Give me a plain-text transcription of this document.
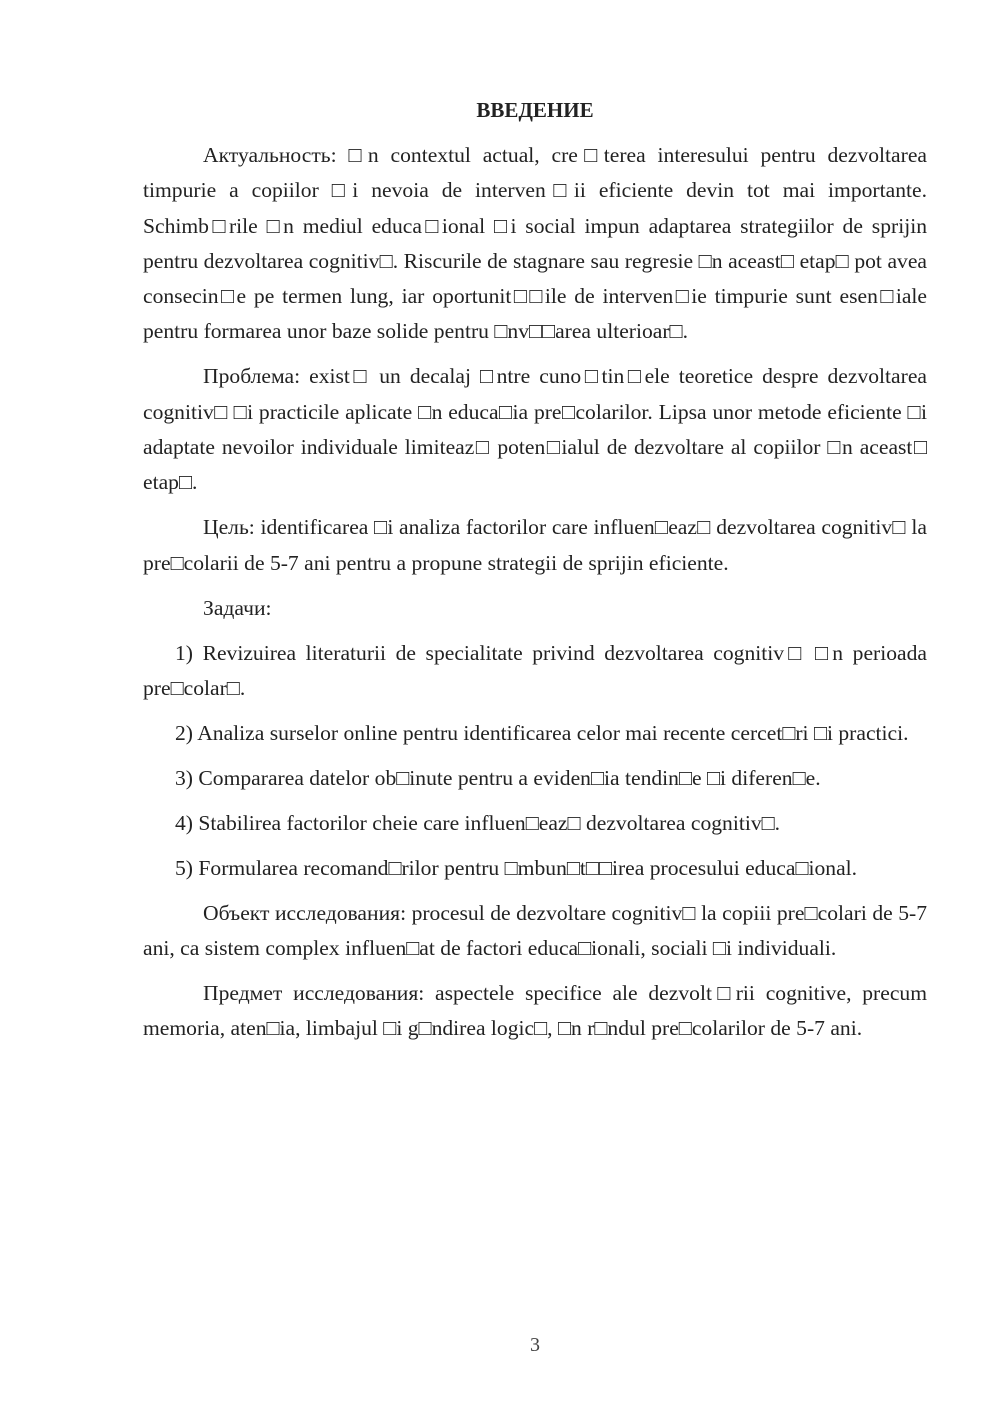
ВВЕДЕНИЕ

Актуальность: □n contextul actual, cre□terea interesului pentru dezvoltarea timpurie a copiilor □i nevoia de interven□ii eficiente devin tot mai importante. Schimb□rile □n mediul educa□ional □i social impun adaptarea strategiilor de sprijin pentru dezvoltarea cognitiv□. Riscurile de stagnare sau regresie □n aceast□ etap□ pot avea consecin□e pe termen lung, iar oportunit□□ile de interven□ie timpurie sunt esen□iale pentru formarea unor baze solide pentru □nv□□area ulterioar□.

Проблема: exist□ un decalaj □ntre cuno□tin□ele teoretice despre dezvoltarea cognitiv□ □i practicile aplicate □n educa□ia pre□colarilor. Lipsa unor metode eficiente □i adaptate nevoilor individuale limiteaz□ poten□ialul de dezvoltare al copiilor □n aceast□ etap□.

Цель: identificarea □i analiza factorilor care influen□eaz□ dezvoltarea cognitiv□ la pre□colarii de 5-7 ani pentru a propune strategii de sprijin eficiente.

Задачи:

1) Revizuirea literaturii de specialitate privind dezvoltarea cognitiv□ □n perioada pre□colar□.

2) Analiza surselor online pentru identificarea celor mai recente cercet□ri □i practici.

3) Compararea datelor ob□inute pentru a eviden□ia tendin□e □i diferen□e.

4) Stabilirea factorilor cheie care influen□eaz□ dezvoltarea cognitiv□.

5) Formularea recomand□rilor pentru □mbun□t□□irea procesului educa□ional.

Объект исследования: procesul de dezvoltare cognitiv□ la copiii pre□colari de 5-7 ani, ca sistem complex influen□at de factori educa□ionali, sociali □i individuali.

Предмет исследования: aspectele specifice ale dezvolt□rii cognitive, precum memoria, aten□ia, limbajul □i g□ndirea logic□, □n r□ndul pre□colarilor de 5-7 ani.

3
